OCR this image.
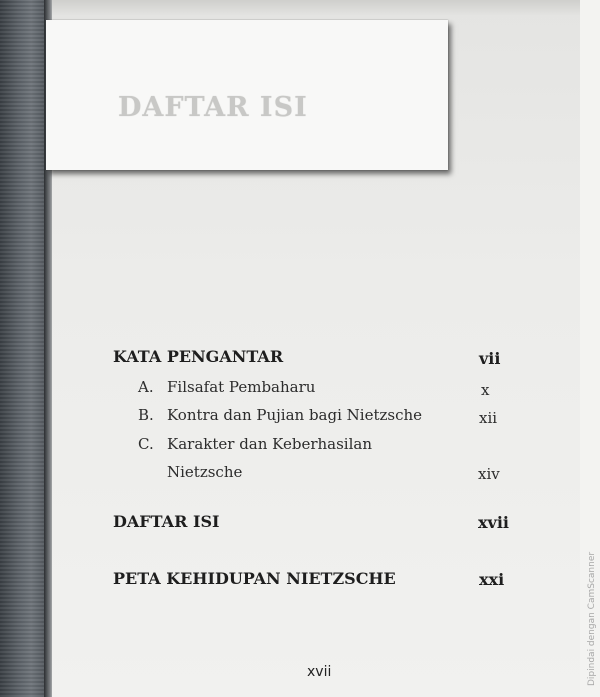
DAFTAR ISI
KATA PENGANTAR	vii
A. Filsafat Pembaharu	x
B. Kontra dan Pujian bagi Nietzsche	xii
C. Karakter dan Keberhasilan
Nietzsche	xiv
DAFTAR ISI	xvii
PETA KEHIDUPAN NIETZSCHE	xxi
xvii	Dipindai dengan CamScanner
